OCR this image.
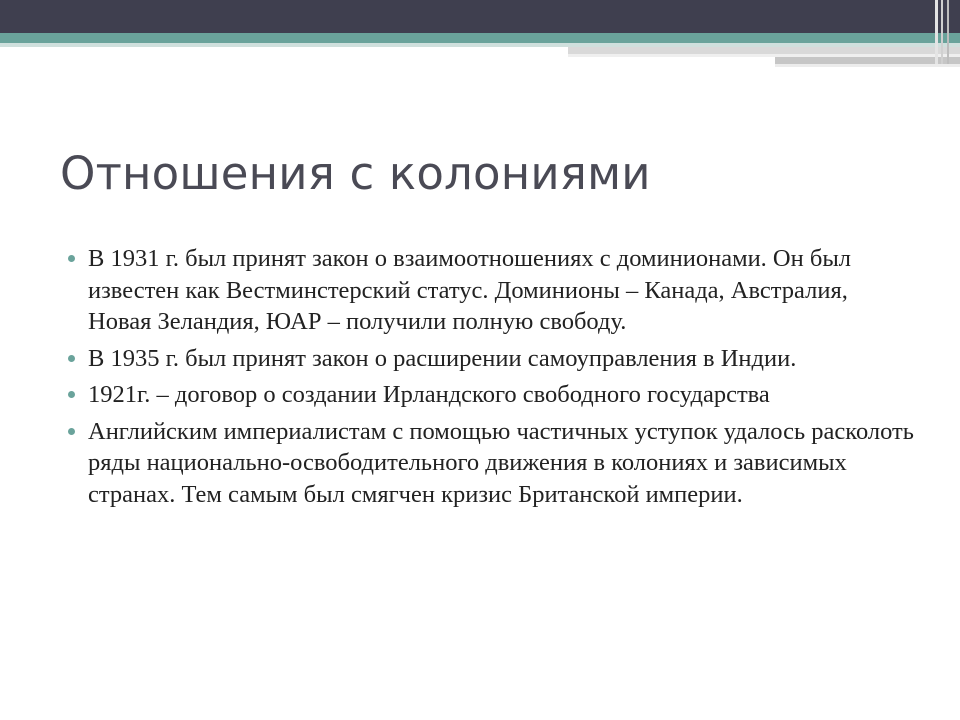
Отношения с колониями
В 1931 г. был принят закон о взаимоотношениях с доминионами. Он был известен как Вестминстерский статус. Доминионы – Канада, Австралия, Новая Зеландия, ЮАР – получили полную свободу.
В 1935 г. был принят закон о расширении самоуправления в Индии.
1921г. – договор о создании Ирландского свободного государства
Английским империалистам с помощью частичных уступок удалось расколоть ряды национально-освободительного движения в колониях и зависимых странах. Тем самым был смягчен кризис Британской империи.
